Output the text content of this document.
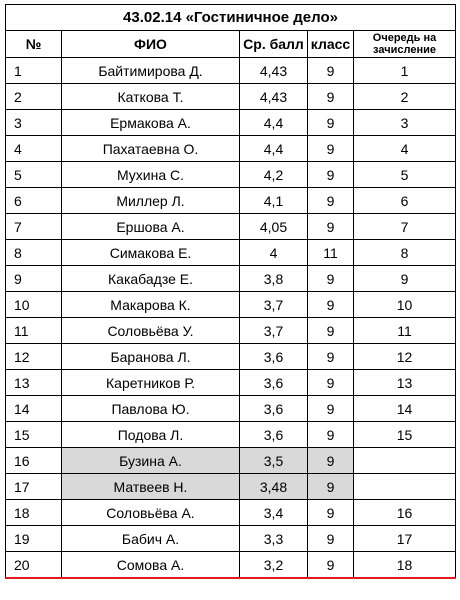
43.02.14 «Гостиничное дело»				
№	ФИО	Ср. балл	класс	Очередь на зачисление
1	Байтимирова Д.	4,43	9	1
2	Каткова Т.	4,43	9	2
3	Ермакова А.	4,4	9	3
4	Пахатаевна О.	4,4	9	4
5	Мухина С.	4,2	9	5
6	Миллер Л.	4,1	9	6
7	Ершова А.	4,05	9	7
8	Симакова Е.	4	11	8
9	Какабадзе Е.	3,8	9	9
10	Макарова К.	3,7	9	10
11	Соловьёва У.	3,7	9	11
12	Баранова Л.	3,6	9	12
13	Каретников Р.	3,6	9	13
14	Павлова Ю.	3,6	9	14
15	Подова Л.	3,6	9	15
16	Бузина А.	3,5	9	
17	Матвеев Н.	3,48	9	
18	Соловьёва А.	3,4	9	16
19	Бабич А.	3,3	9	17
20	Сомова А.	3,2	9	18
